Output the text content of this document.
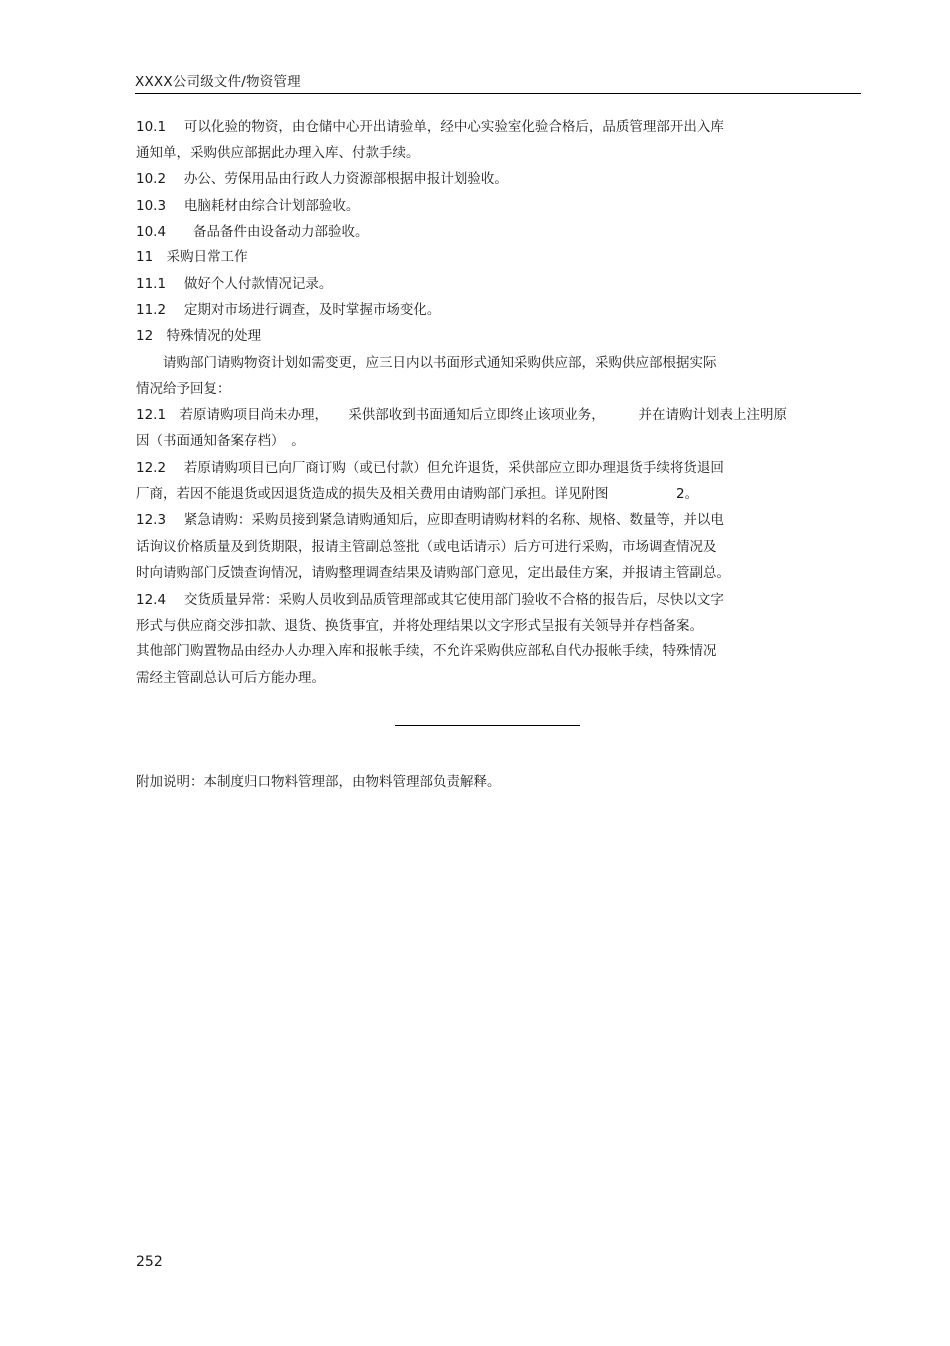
XXXX公司级文件/物资管理
10.1　 可以化验的物资，由仓储中心开出请验单，经中心实验室化验合格后，品质管理部开出入库
通知单，采购供应部据此办理入库、付款手续。
10.2　 办公、劳保用品由行政人力资源部根据申报计划验收。
10.3　 电脑耗材由综合计划部验收。
10.4　　备品备件由设备动力部验收。
11　采购日常工作
11.1　 做好个人付款情况记录。
11.2　 定期对市场进行调查，及时掌握市场变化。
12　特殊情况的处理
　　请购部门请购物资计划如需变更，应三日内以书面形式通知采购供应部，采购供应部根据实际
情况给予回复：
12.1　若原请购项目尚未办理，　　采供部收到书面通知后立即终止该项业务，　　　并在请购计划表上注明原
因（书面通知备案存档）　。
12.2　 若原请购项目已向厂商订购（或已付款）但允许退货，采供部应立即办理退货手续将货退回
厂商，若因不能退货或因退货造成的损失及相关费用由请购部门承担。详见附图　　　　　2。
12.3　 紧急请购：采购员接到紧急请购通知后，应即查明请购材料的名称、规格、数量等，并以电
话询议价格质量及到货期限，报请主管副总签批（或电话请示）后方可进行采购，市场调查情况及
时向请购部门反馈查询情况，请购整理调查结果及请购部门意见，定出最佳方案，并报请主管副总。
12.4　 交货质量异常：采购人员收到品质管理部或其它使用部门验收不合格的报告后，尽快以文字
形式与供应商交涉扣款、退货、换货事宜，并将处理结果以文字形式呈报有关领导并存档备案。
其他部门购置物品由经办人办理入库和报帐手续，不允许采购供应部私自代办报帐手续，特殊情况
需经主管副总认可后方能办理。
附加说明：本制度归口物料管理部，由物料管理部负责解释。
252
